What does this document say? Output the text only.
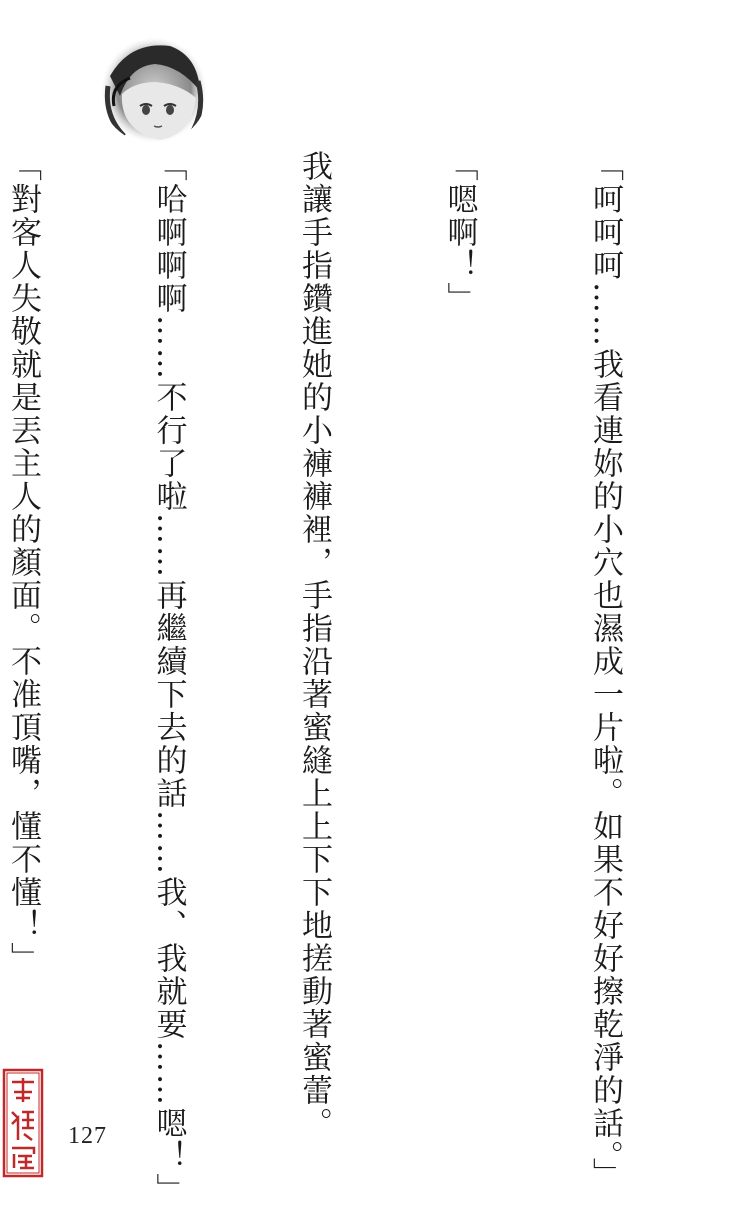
「呵呵呵……我看連妳的小穴也濕成一片啦。如果不好好擦乾淨的話。」

「嗯啊！」

我讓手指鑽進她的小褲褲裡，手指沿著蜜縫上上下下地搓動著蜜蕾。

「哈啊啊啊……不行了啦……再繼續下去的話……我、我就要……嗯！」

「對客人失敬就是丟主人的顏面。不准頂嘴，懂不懂！」

127
